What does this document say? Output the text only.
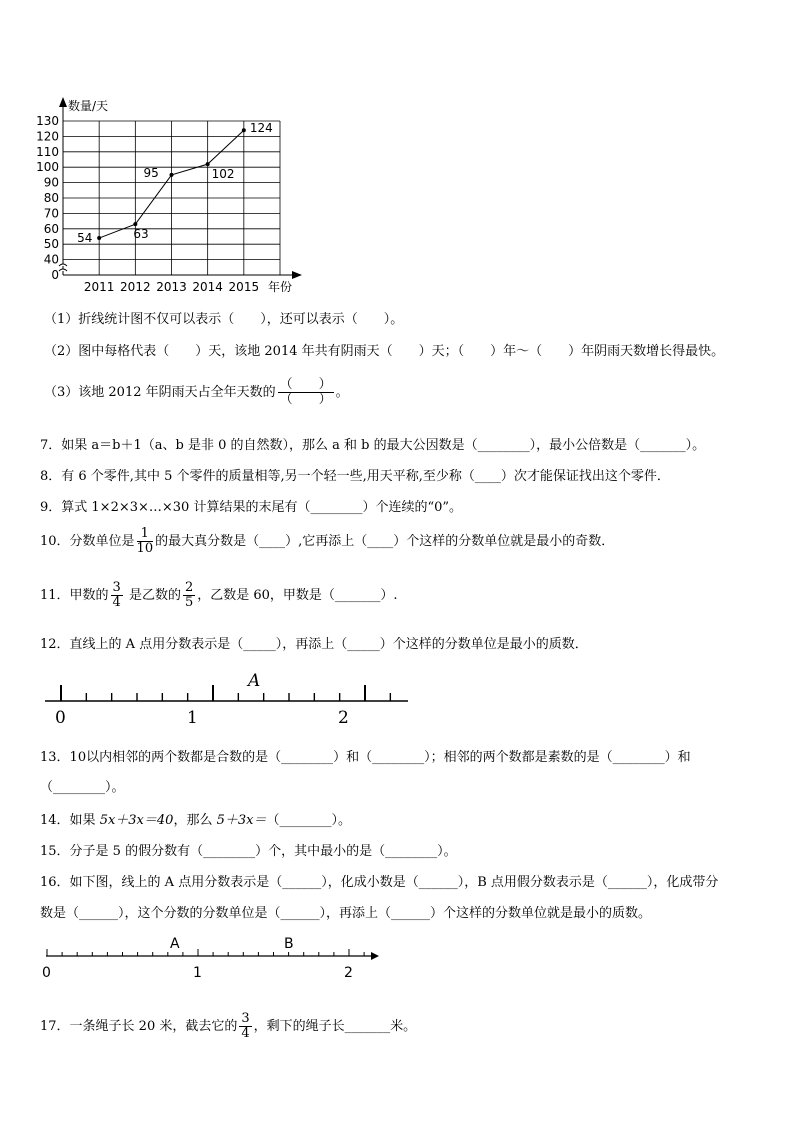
0
40
50
60
70
80
90
100
110
120
130
2011 2012 2013 2014 2015
54	63
95	102
124
数量/天
年份
（1）折线统计图不仅可以表示（　　），还可以表示（　　）。
（2）图中每格代表（　　）天，该地 2014 年共有阴雨天（　　）天；（　　）年～（　　）年阴雨天数增长得最快。
（3）该地 2012 年阴雨天占全年天数的 $\frac{( )}{( )}$ 。
7．如果 a＝b＋1（a、b 是非 0 的自然数），那么 a 和 b 的最大公因数是（________），最小公倍数是（_______）。
8．有 6 个零件,其中 5 个零件的质量相等,另一个轻一些,用天平称,至少称（____）次才能保证找出这个零件．
9．算式 1×2×3×…×30 计算结果的末尾有（________）个连续的“0”。
10．分数单位是 $\frac{1}{10}$ 的最大真分数是（____）,它再添上（____）个这样的分数单位就是最小的奇数．
11．甲数的 $\frac{3}{4}$ 是乙数的 $\frac{2}{5}$ ，乙数是 60，甲数是（_______）.
12．直线上的 A 点用分数表示是（_____），再添上（_____）个这样的分数单位是最小的质数．
A
0	1	2
13．10以内相邻的两个数都是合数的是（________）和（________）；相邻的两个数都是素数的是（________）和
（________）。
14．如果 5x＋3x＝40，那么 5＋3x＝（________）。
15．分子是 5 的假分数有（________）个，其中最小的是（________）。
16．如下图，线上的 A 点用分数表示是（______），化成小数是（______），B 点用假分数表示是（______），化成带分
数是（______），这个分数的分数单位是（______），再添上（______）个这样的分数单位就是最小的质数。
A	B
0	1	2
17．一条绳子长 20 米，截去它的 $\frac{3}{4}$ ，剩下的绳子长_______米。
